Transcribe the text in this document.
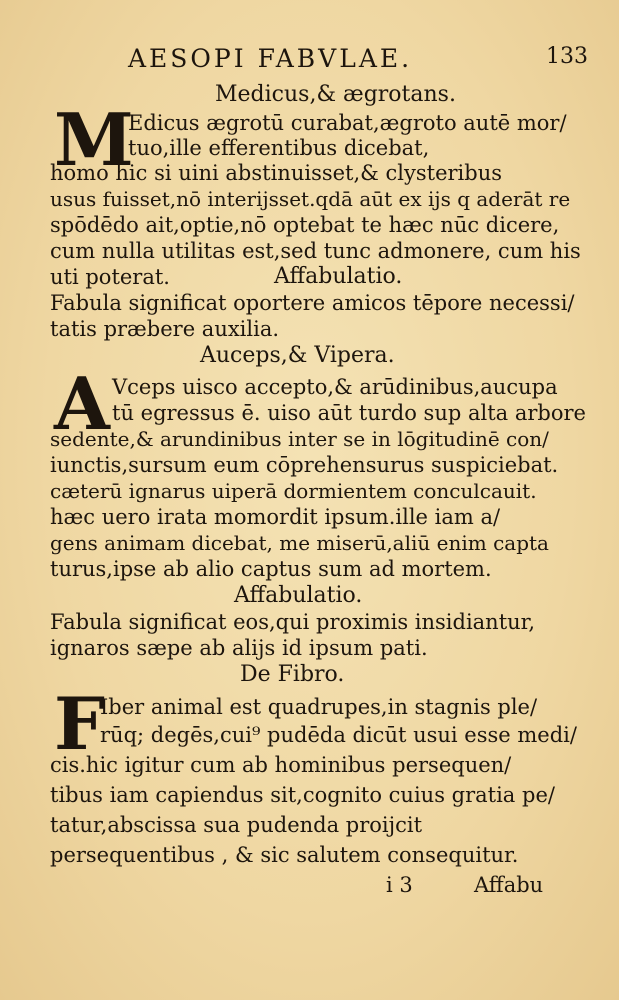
AESOPI FABVLAE.	133
Medicus,& ægrotans.
M
Edicus ægrotū curabat,ægroto autē mor/
tuo,ille efferentibus dicebat,
homo hic si uini abstinuisset,& clysteribus
usus fuisset,nō interijsset.qdā aūt ex ijs q aderāt re
spōdēdo ait,optie,nō optebat te hæc nūc dicere,
cum nulla utilitas est,sed tunc admonere, cum his
uti poterat.	Affabulatio.
Fabula significat oportere amicos tēpore necessi/
tatis præbere auxilia.
Auceps,& Vipera.
A Vceps uisco accepto,& arūdinibus,aucupa
tū egressus ē. uiso aūt turdo sup alta arbore
sedente,& arundinibus inter se in lōgitudinē con/
iunctis,sursum eum cōprehensurus suspiciebat.
cæterū ignarus uiperā dormientem conculcauit.
hæc uero irata momordit ipsum.ille iam a/
gens animam dicebat, me miserū,aliū enim capta
turus,ipse ab alio captus sum ad mortem.
Affabulatio.
Fabula significat eos,qui proximis insidiantur,
ignaros sæpe ab alijs id ipsum pati.
De Fibro.
F
Iber animal est quadrupes,in stagnis ple/
rūq; degēs,cui⁹ pudēda dicūt usui esse medi/
cis.hic igitur cum ab hominibus persequen/
tibus iam capiendus sit,cognito cuius gratia pe/
tatur,abscissa sua pudenda proijcit
persequentibus , & sic salutem consequitur.
i 3	Affabu
